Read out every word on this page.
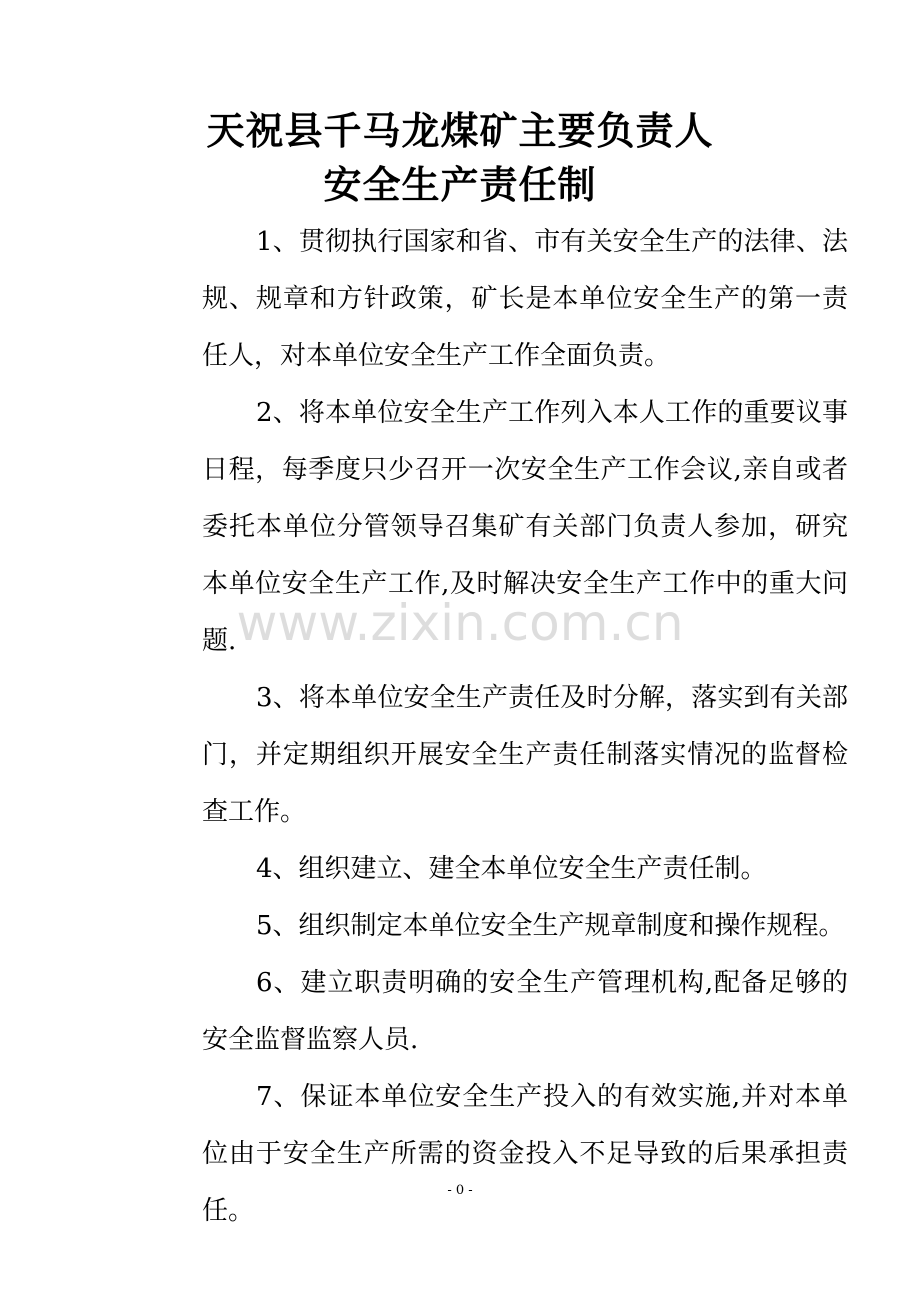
天祝县千马龙煤矿主要负责人
安全生产责任制

1、贯彻执行国家和省、市有关安全生产的法律、法规、规章和方针政策，矿长是本单位安全生产的第一责任人，对本单位安全生产工作全面负责。

2、将本单位安全生产工作列入本人工作的重要议事日程，每季度只少召开一次安全生产工作会议,亲自或者委托本单位分管领导召集矿有关部门负责人参加，研究本单位安全生产工作,及时解决安全生产工作中的重大问题.

3、将本单位安全生产责任及时分解，落实到有关部门，并定期组织开展安全生产责任制落实情况的监督检查工作。

4、组织建立、建全本单位安全生产责任制。

5、组织制定本单位安全生产规章制度和操作规程。

6、建立职责明确的安全生产管理机构,配备足够的安全监督监察人员.

7、保证本单位安全生产投入的有效实施,并对本单位由于安全生产所需的资金投入不足导致的后果承担责任。

www.zixin.com.cn
- 0 -
